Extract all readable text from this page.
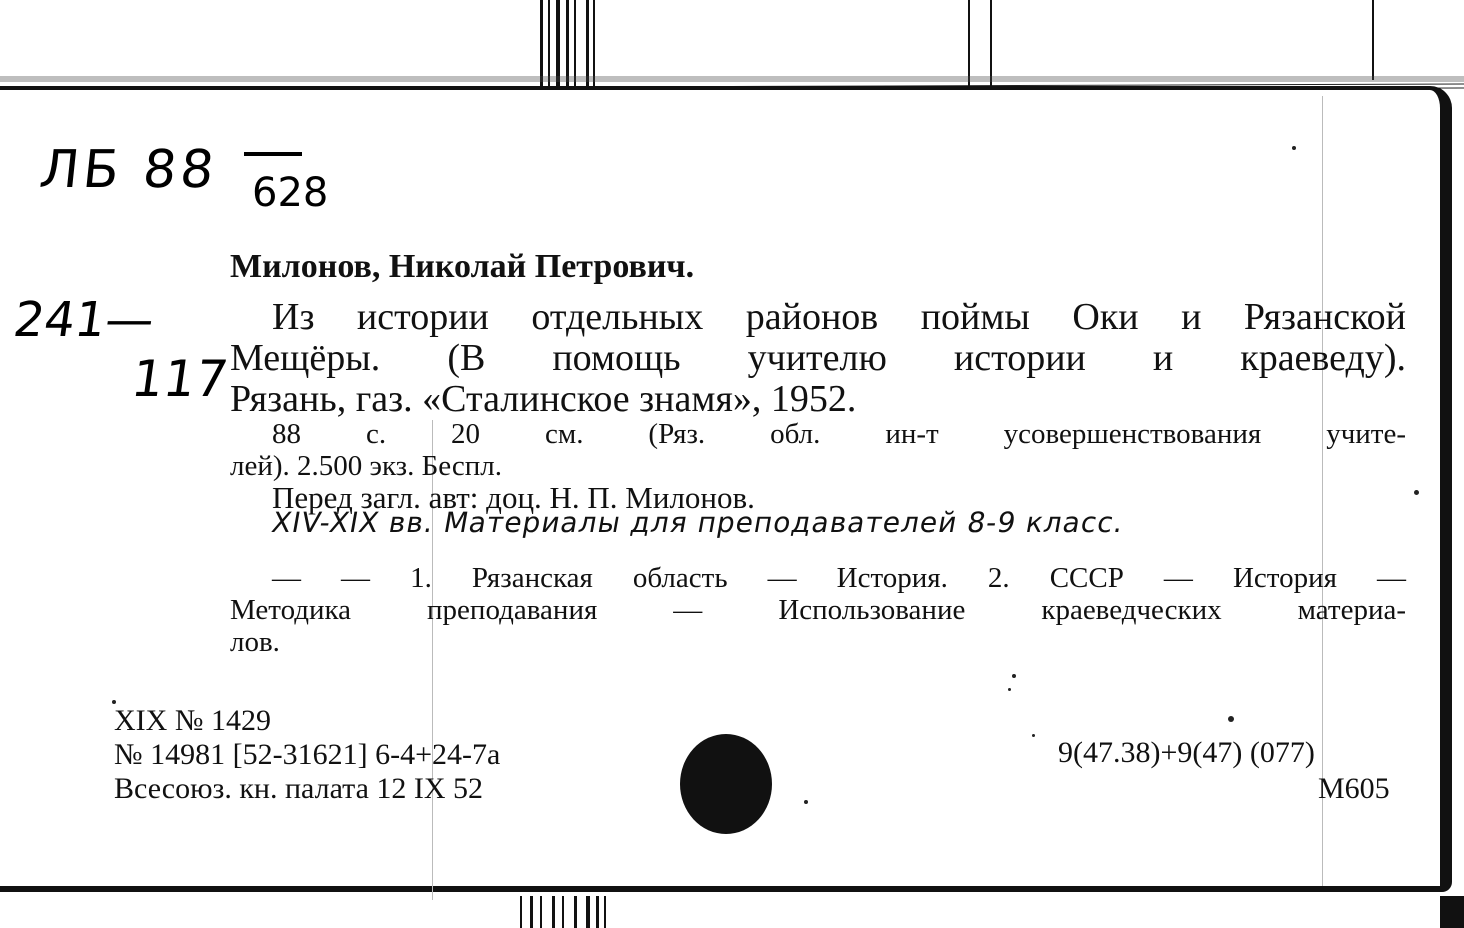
ЛБ 88 628
241—
117
Милонов, Николай Петрович.
Из истории отдельных районов поймы Оки и Рязанской
Мещёры. (В помощь учителю истории и краеведу).
Рязань, газ. «Сталинское знамя», 1952.
88 с. 20 см. (Ряз. обл. ин-т усовершенствования учите-
лей). 2.500 экз. Беспл.
Перед загл. авт: доц. Н. П. Милонов.
XIV-XIX вв. Материалы для преподавателей 8-9 класс.
— — 1. Рязанская область — История. 2. СССР — История —
Методика преподавания — Использование краеведческих материа-
лов.
XIX № 1429
№ 14981 [52-31621] 6-4+24-7а
Всесоюз. кн. палата 12 IX 52
9(47.38)+9(47) (077)
М605
